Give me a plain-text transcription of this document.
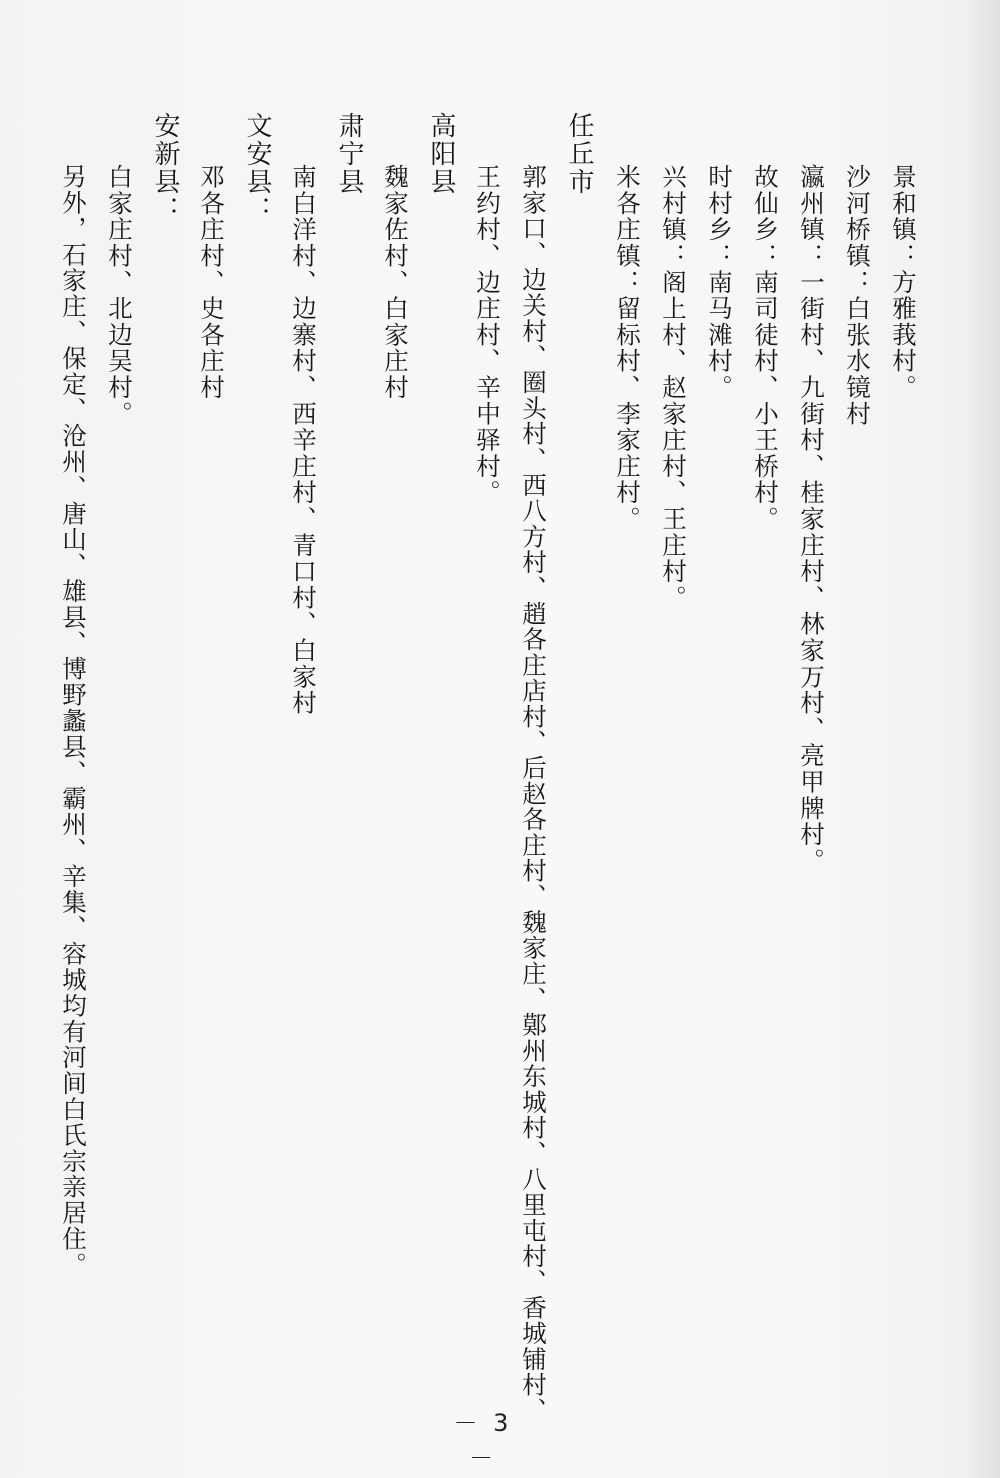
景和镇：方雅莪村。
沙河桥镇：白张水镜村
瀛州镇：一街村、九街村、桂家庄村、林家万村、亮甲牌村。
故仙乡：南司徒村、小王桥村。
时村乡：南马滩村。
兴村镇：阁上村、赵家庄村、王庄村。
米各庄镇：留标村、李家庄村。
任丘市
郭家口、边关村、圈头村、西八方村、趙各庄店村、后赵各庄村、魏家庄、鄚州东城村、八里屯村、香城铺村、
王约村、边庄村、辛中驿村。
高阳县
魏家佐村、白家庄村
肃宁县
南白洋村、边寨村、西辛庄村、青口村、白家村
文安县：
邓各庄村、史各庄村
安新县：
白家庄村、北边吴村。
另外，石家庄、保定、沧州、唐山、雄县、博野蠡县、霸州、辛集、容城均有河间白氏宗亲居住。
－ 3 －
